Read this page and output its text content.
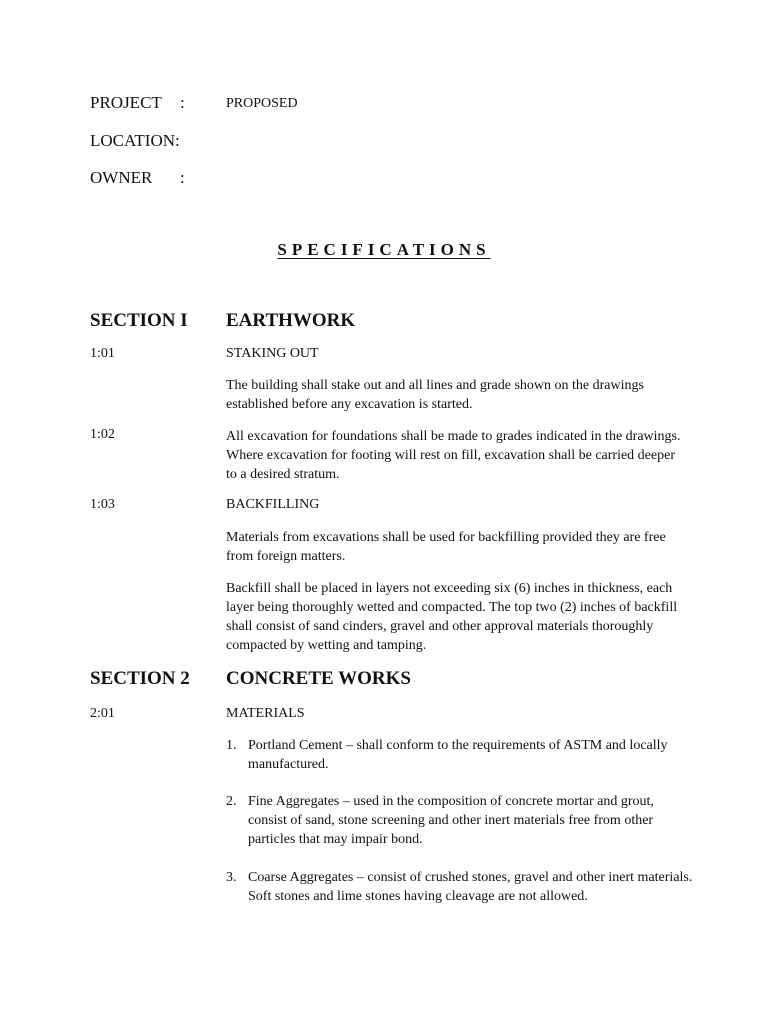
PROJECT :	PROPOSED
LOCATION:
OWNER :
SPECIFICATIONS
SECTION I EARTHWORK
1:01	STAKING OUT
The building shall stake out and all lines and grade shown on the drawings established before any excavation is started.
1:02	All excavation for foundations shall be made to grades indicated in the drawings. Where excavation for footing will rest on fill, excavation shall be carried deeper to a desired stratum.
1:03	BACKFILLING
Materials from excavations shall be used for backfilling provided they are free from foreign matters.
Backfill shall be placed in layers not exceeding six (6) inches in thickness, each layer being thoroughly wetted and compacted. The top two (2) inches of backfill shall consist of sand cinders, gravel and other approval materials thoroughly compacted by wetting and tamping.
SECTION 2 CONCRETE WORKS
2:01	MATERIALS
1. Portland Cement – shall conform to the requirements of ASTM and locally manufactured.
2. Fine Aggregates – used in the composition of concrete mortar and grout, consist of sand, stone screening and other inert materials free from other particles that may impair bond.
3. Coarse Aggregates – consist of crushed stones, gravel and other inert materials. Soft stones and lime stones having cleavage are not allowed.
